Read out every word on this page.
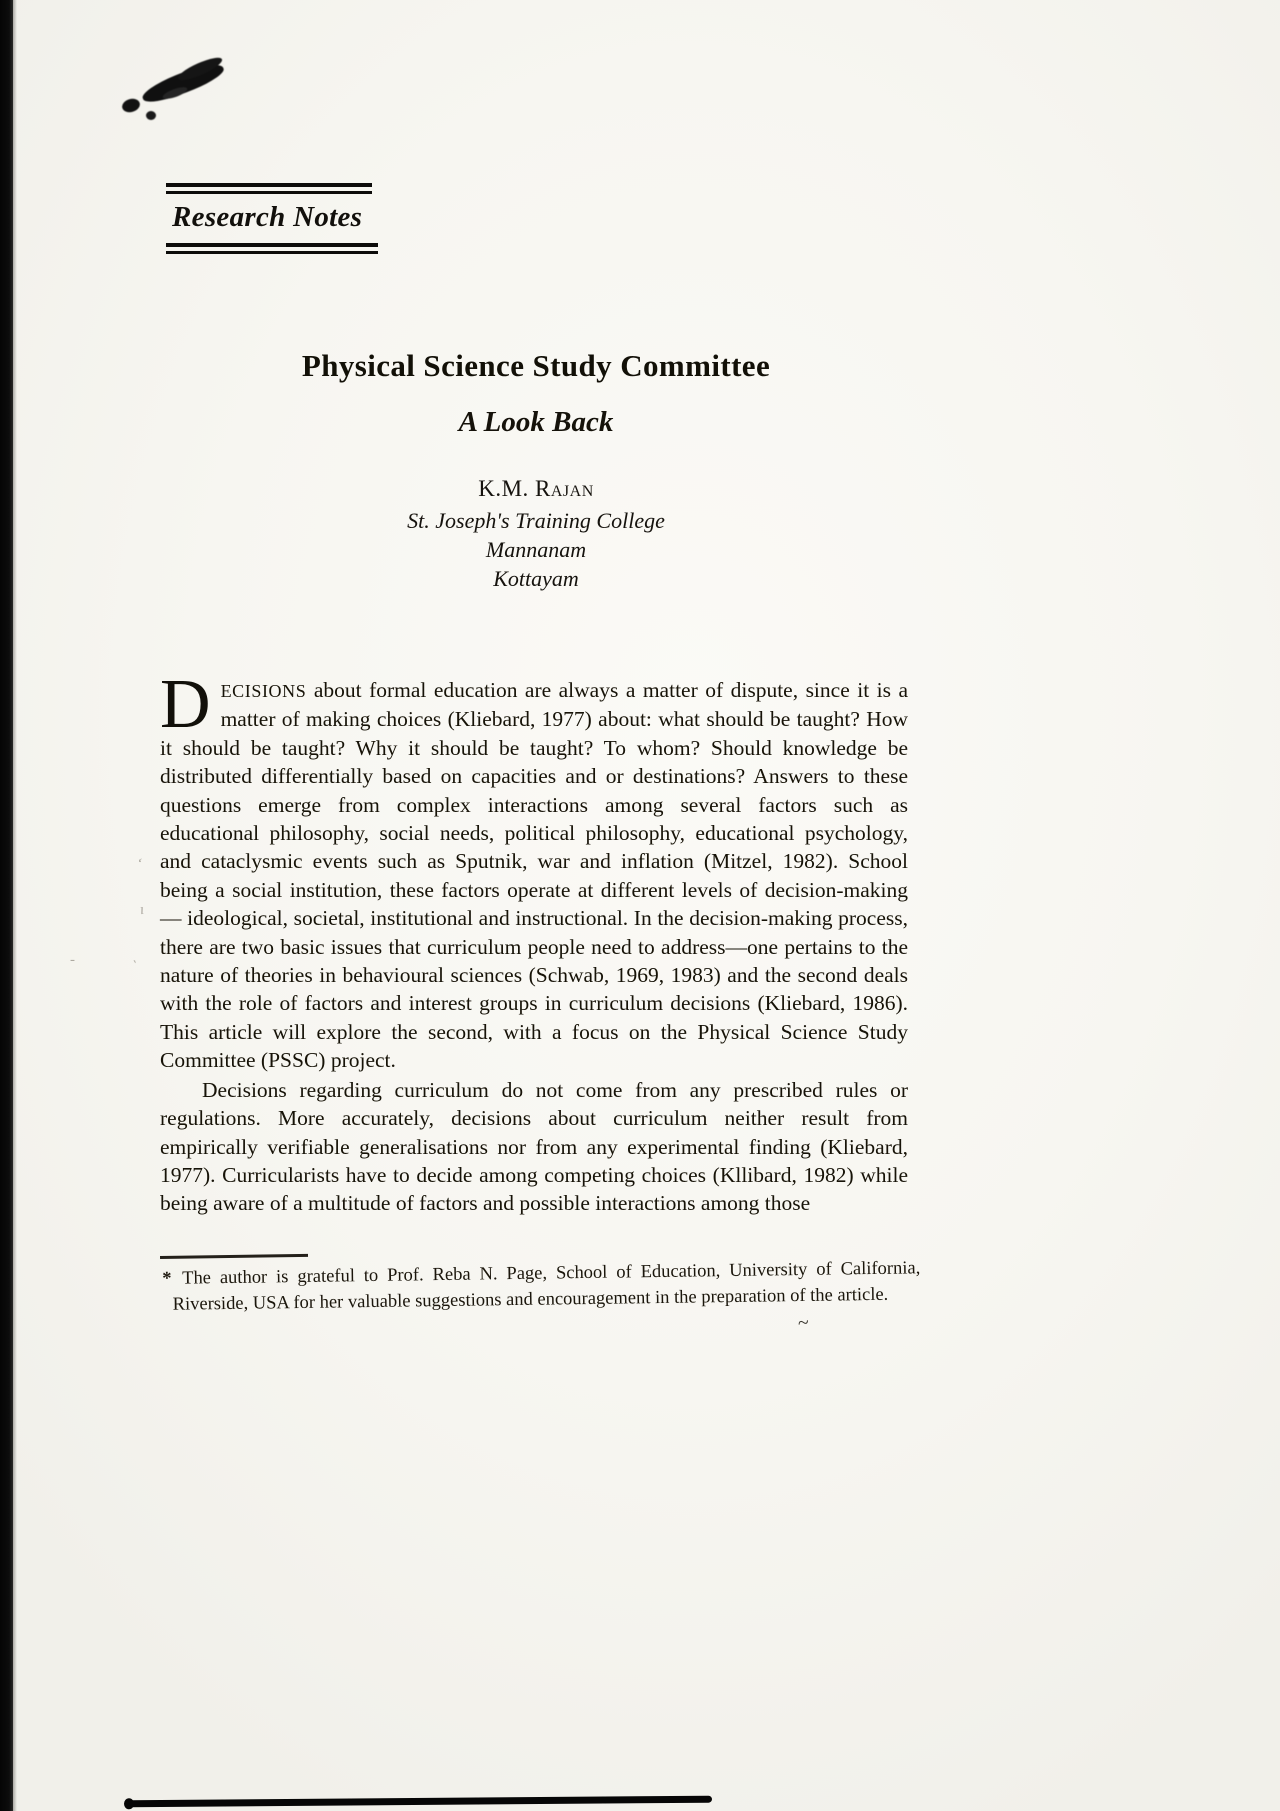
Research Notes
Physical Science Study Committee
A Look Back
K.M. Rajan
St. Joseph's Training College
Mannanam
Kottayam

DECISIONS about formal education are always a matter of dispute, since it is a matter of making choices (Kliebard, 1977) about: what should be taught? How it should be taught? Why it should be taught? To whom? Should knowledge be distributed differentially based on capacities and or destinations? Answers to these questions emerge from complex interactions among several factors such as educational philosophy, social needs, political philosophy, educational psychology, and cataclysmic events such as Sputnik, war and inflation (Mitzel, 1982). School being a social institution, these factors operate at different levels of decision-making — ideological, societal, institutional and instructional. In the decision-making process, there are two basic issues that curriculum people need to address—one pertains to the nature of theories in behavioural sciences (Schwab, 1969, 1983) and the second deals with the role of factors and interest groups in curriculum decisions (Kliebard, 1986). This article will explore the second, with a focus on the Physical Science Study Committee (PSSC) project.

Decisions regarding curriculum do not come from any prescribed rules or regulations. More accurately, decisions about curriculum neither result from empirically verifiable generalisations nor from any experimental finding (Kliebard, 1977). Curricularists have to decide among competing choices (Kllibard, 1982) while being aware of a multitude of factors and possible interactions among those

* The author is grateful to Prof. Reba N. Page, School of Education, University of California, Riverside, USA for her valuable suggestions and encouragement in the preparation of the article.

ʻ
ı
ˎ
-
~
